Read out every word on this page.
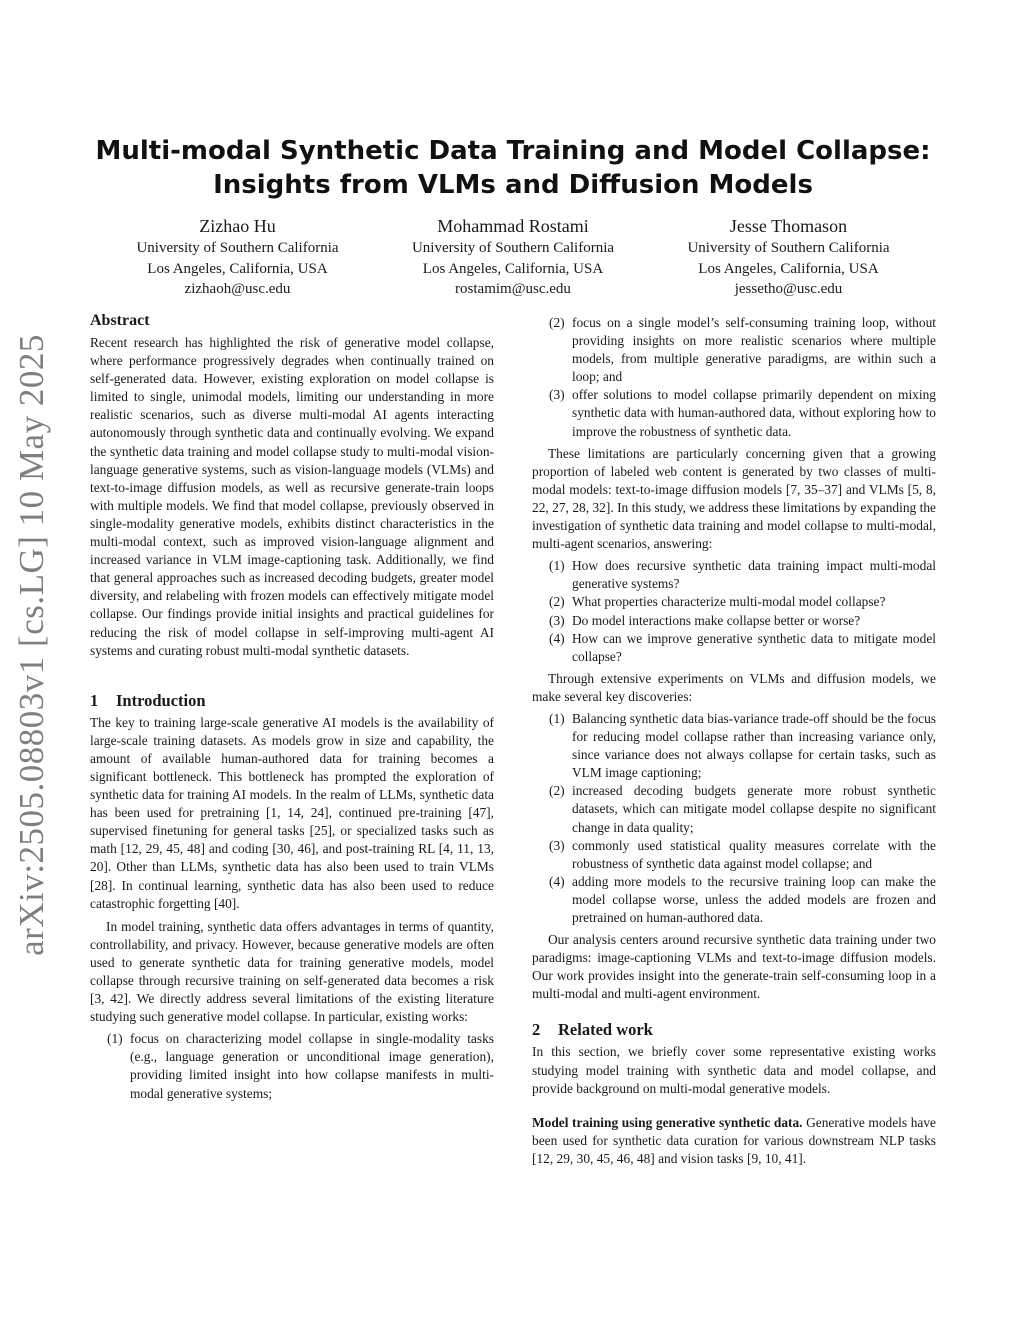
arXiv:2505.08803v1 [cs.LG] 10 May 2025
Multi-modal Synthetic Data Training and Model Collapse:
Insights from VLMs and Diffusion Models
Zizhao Hu
University of Southern California
Los Angeles, California, USA
zizhaoh@usc.edu
Mohammad Rostami
University of Southern California
Los Angeles, California, USA
rostamim@usc.edu
Jesse Thomason
University of Southern California
Los Angeles, California, USA
jessetho@usc.edu
Abstract

Recent research has highlighted the risk of generative model collapse, where performance progressively degrades when continually trained on self-generated data. However, existing exploration on model collapse is limited to single, unimodal models, limiting our understanding in more realistic scenarios, such as diverse multi-modal AI agents interacting autonomously through synthetic data and continually evolving. We expand the synthetic data training and model collapse study to multi-modal vision-language generative systems, such as vision-language models (VLMs) and text-to-image diffusion models, as well as recursive generate-train loops with multiple models. We find that model collapse, previously observed in single-modality generative models, exhibits distinct characteristics in the multi-modal context, such as improved vision-language alignment and increased variance in VLM image-captioning task. Additionally, we find that general approaches such as increased decoding budgets, greater model diversity, and relabeling with frozen models can effectively mitigate model collapse. Our findings provide initial insights and practical guidelines for reducing the risk of model collapse in self-improving multi-agent AI systems and curating robust multi-modal synthetic datasets.

1 Introduction

The key to training large-scale generative AI models is the availability of large-scale training datasets. As models grow in size and capability, the amount of available human-authored data for training becomes a significant bottleneck. This bottleneck has prompted the exploration of synthetic data for training AI models. In the realm of LLMs, synthetic data has been used for pretraining [1, 14, 24], continued pre-training [47], supervised finetuning for general tasks [25], or specialized tasks such as math [12, 29, 45, 48] and coding [30, 46], and post-training RL [4, 11, 13, 20]. Other than LLMs, synthetic data has also been used to train VLMs [28]. In continual learning, synthetic data has also been used to reduce catastrophic forgetting [40].

In model training, synthetic data offers advantages in terms of quantity, controllability, and privacy. However, because generative models are often used to generate synthetic data for training generative models, model collapse through recursive training on self-generated data becomes a risk [3, 42]. We directly address several limitations of the existing literature studying such generative model collapse. In particular, existing works:

(1) focus on characterizing model collapse in single-modality tasks (e.g., language generation or unconditional image generation), providing limited insight into how collapse manifests in multi-modal generative systems;
(2) focus on a single model’s self-consuming training loop, without providing insights on more realistic scenarios where multiple models, from multiple generative paradigms, are within such a loop; and
(3) offer solutions to model collapse primarily dependent on mixing synthetic data with human-authored data, without exploring how to improve the robustness of synthetic data.

These limitations are particularly concerning given that a growing proportion of labeled web content is generated by two classes of multi-modal models: text-to-image diffusion models [7, 35–37] and VLMs [5, 8, 22, 27, 28, 32]. In this study, we address these limitations by expanding the investigation of synthetic data training and model collapse to multi-modal, multi-agent scenarios, answering:

(1) How does recursive synthetic data training impact multi-modal generative systems?
(2) What properties characterize multi-modal model collapse?
(3) Do model interactions make collapse better or worse?
(4) How can we improve generative synthetic data to mitigate model collapse?

Through extensive experiments on VLMs and diffusion models, we make several key discoveries:

(1) Balancing synthetic data bias-variance trade-off should be the focus for reducing model collapse rather than increasing variance only, since variance does not always collapse for certain tasks, such as VLM image captioning;
(2) increased decoding budgets generate more robust synthetic datasets, which can mitigate model collapse despite no significant change in data quality;
(3) commonly used statistical quality measures correlate with the robustness of synthetic data against model collapse; and
(4) adding more models to the recursive training loop can make the model collapse worse, unless the added models are frozen and pretrained on human-authored data.

Our analysis centers around recursive synthetic data training under two paradigms: image-captioning VLMs and text-to-image diffusion models. Our work provides insight into the generate-train self-consuming loop in a multi-modal and multi-agent environment.

2 Related work

In this section, we briefly cover some representative existing works studying model training with synthetic data and model collapse, and provide background on multi-modal generative models.

Model training using generative synthetic data. Generative models have been used for synthetic data curation for various downstream NLP tasks [12, 29, 30, 45, 46, 48] and vision tasks [9, 10, 41].
